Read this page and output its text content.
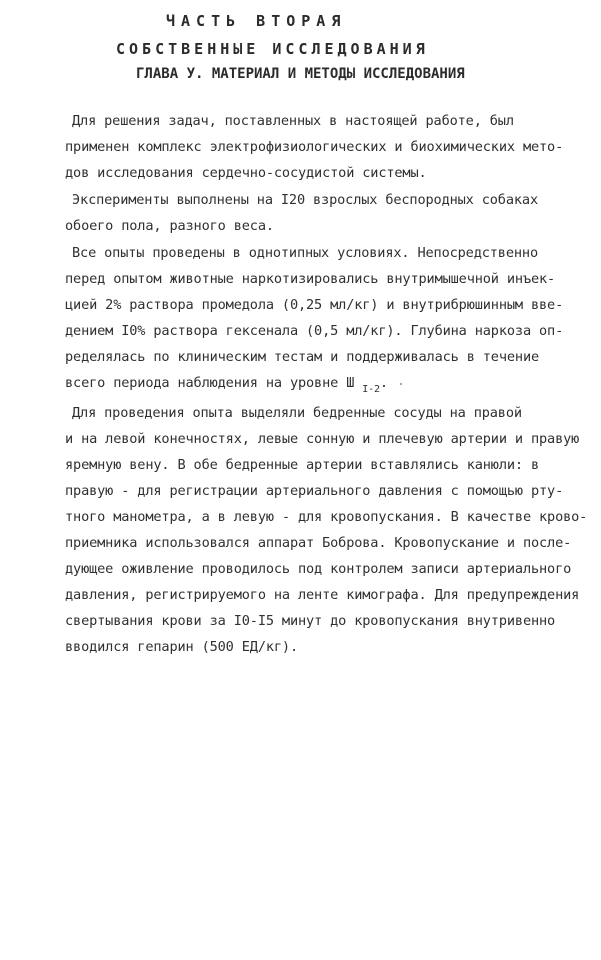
ЧАСТЬ ВТОРАЯ
СОБСТВЕННЫЕ ИССЛЕДОВАНИЯ
ГЛАВА У. МАТЕРИАЛ И МЕТОДЫ ИССЛЕДОВАНИЯ
Для решения задач, поставленных в настоящей работе, был
применен комплекс электрофизиологических и биохимических мето-
дов исследования сердечно-сосудистой системы.
Эксперименты выполнены на I20 взрослых беспородных собаках
обоего пола, разного веса.
Все опыты проведены в однотипных условиях. Непосредственно
перед опытом животные наркотизировались внутримышечной инъек-
цией 2% раствора промедола (0,25 мл/кг) и внутрибрюшинным вве-
дением I0% раствора гексенала (0,5 мл/кг). Глубина наркоза оп-
ределялась по клиническим тестам и поддерживалась в течение
всего периода наблюдения на уровне Ш $_{I-2}$.
Для проведения опыта выделяли бедренные сосуды на правой
и на левой конечностях, левые сонную и плечевую артерии и правую
яремную вену. В обе бедренные артерии вставлялись канюли: в
правую - для регистрации артериального давления с помощью рту-
тного манометра, а в левую - для кровопускания. В качестве крово-
приемника использовался аппарат Боброва. Кровопускание и после-
дующее оживление проводилось под контролем записи артериального
давления, регистрируемого на ленте кимографа. Для предупреждения
свертывания крови за I0-I5 минут до кровопускания внутривенно
вводился гепарин (500 ЕД/кг).
